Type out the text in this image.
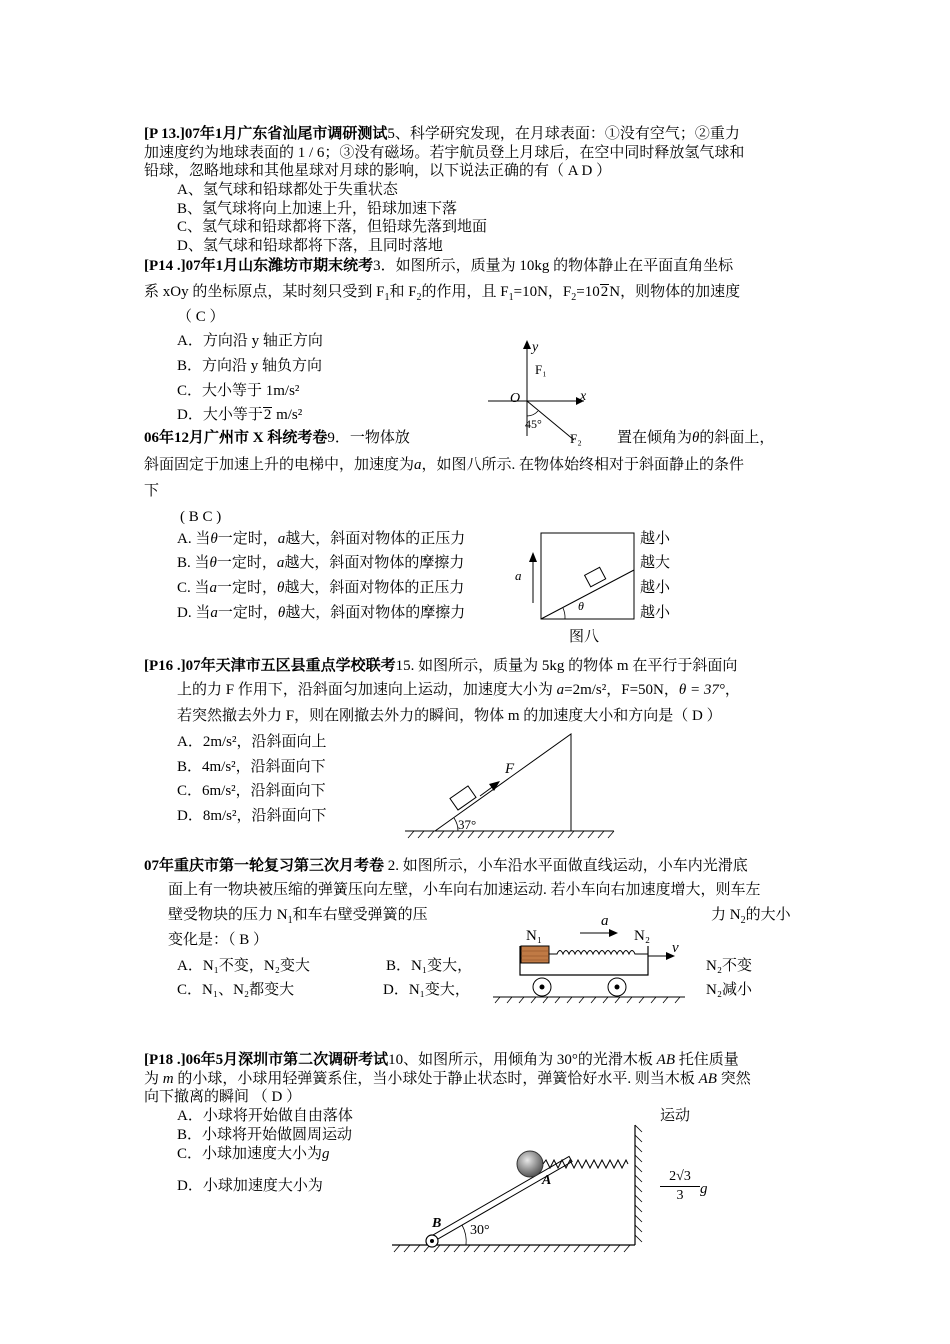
[P 13.]07年1月广东省汕尾市调研测试5、科学研究发现，在月球表面：①没有空气；②重力
加速度约为地球表面的 1 / 6；③没有磁场。若宇航员登上月球后，在空中同时释放氢气球和
铅球，忽略地球和其他星球对月球的影响，以下说法正确的有（ A D ）
A、氢气球和铅球都处于失重状态
B、氢气球将向上加速上升，铅球加速下落
C、氢气球和铅球都将下落，但铅球先落到地面
D、氢气球和铅球都将下落，且同时落地
[P14 .]07年1月山东潍坊市期末统考3．如图所示，质量为 10kg 的物体静止在平面直角坐标
系 xOy 的坐标原点，某时刻只受到 $F_1$和 $F_2$的作用，且 $F_1=10N$，$F_2=102N$，则物体的加速度
（ C ）
A．方向沿 y 轴正方向
B．方向沿 y 轴负方向
C．大小等于 1m/s²
D．大小等于2 m/s²
y
x
O
F₁
45°
F₂
06年12月广州市 X 科统考卷9．一物体放	置在倾角为θ的斜面上，
斜面固定于加速上升的电梯中，加速度为a，如图八所示. 在物体始终相对于斜面静止的条件
下
( B C )
A. 当θ一定时，a越大，斜面对物体的正压力	越小
B. 当θ一定时，a越大，斜面对物体的摩擦力	越大
C. 当a一定时，θ越大，斜面对物体的正压力	越小
D. 当a一定时，θ越大，斜面对物体的摩擦力	越小
θ
a
图八
[P16 .]07年天津市五区县重点学校联考15. 如图所示，质量为 5kg 的物体 m 在平行于斜面向
上的力 F 作用下，沿斜面匀加速向上运动，加速度大小为 a=2m/s²，F=50N，θ = 37°，
若突然撤去外力 F，则在刚撤去外力的瞬间，物体 m 的加速度大小和方向是（ D ）
A．2m/s²，沿斜面向上
B．4m/s²，沿斜面向下
C．6m/s²，沿斜面向下
D．8m/s²，沿斜面向下
F
37°
07年重庆市第一轮复习第三次月考卷 2. 如图所示，小车沿水平面做直线运动，小车内光滑底
面上有一物块被压缩的弹簧压向左壁，小车向右加速运动. 若小车向右加速度增大，则车左
壁受物块的压力 $N_1$和车右壁受弹簧的压	力 $N_2$的大小
变化是：（ B ）
A．N₁不变，N₂变大	B．N₁变大，	N₂不变
C．N₁、N₂都变大	D．N₁变大，	N₂减小
a
N₁	N₂
v
[P18 .]06年5月深圳市第二次调研考试10、如图所示，用倾角为 30°的光滑木板 AB 托住质量
为 m 的小球，小球用轻弹簧系住，当小球处于静止状态时，弹簧恰好水平. 则当木板 AB 突然
向下撤离的瞬间 （ D ）
A．小球将开始做自由落体	运动
B．小球将开始做圆周运动
C．小球加速度大小为g
D．小球加速度大小为
2√3
3	g
30°
B
A
